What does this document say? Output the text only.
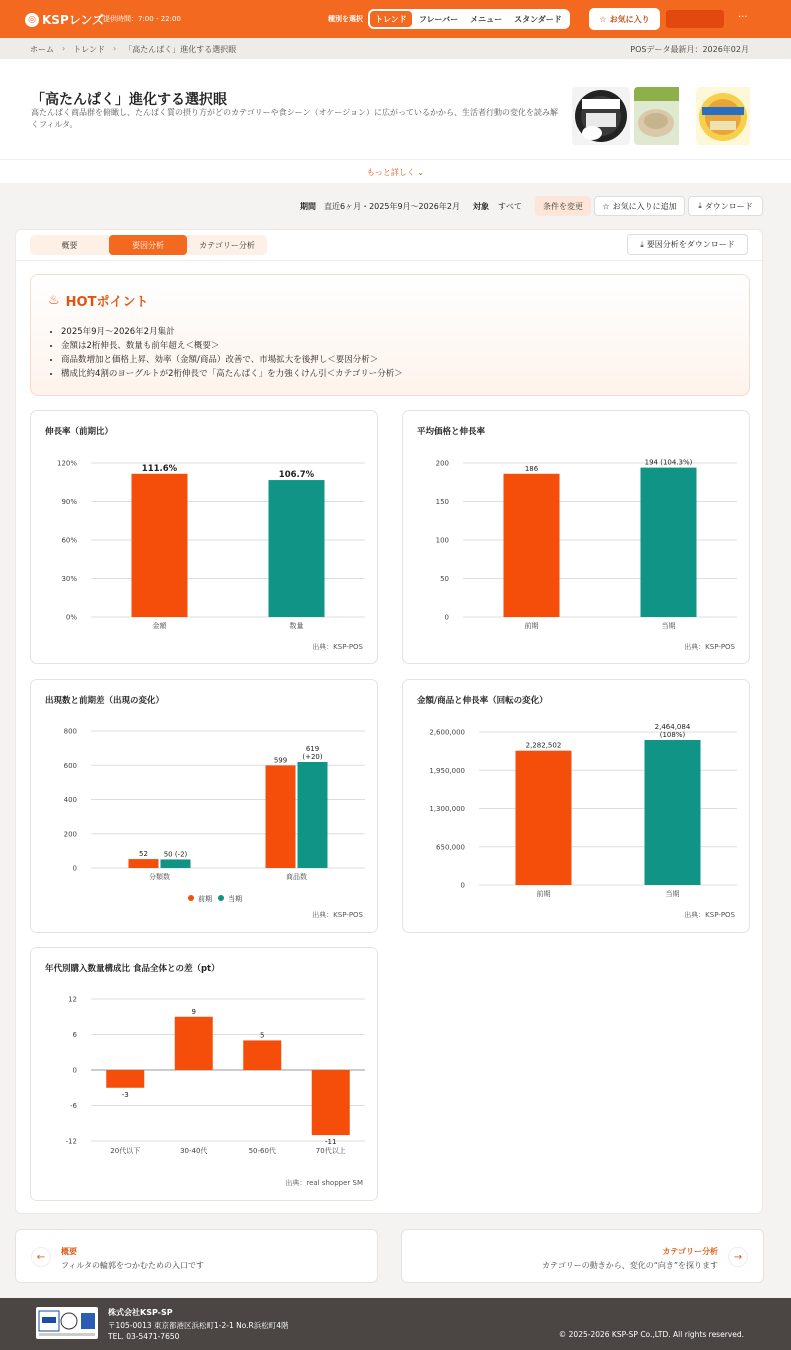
◎ KSPレンズ
提供時間：7:00 - 22:00	種別を選択	トレンド	フレーバー	メニュー	スタンダード	☆ お気に入り	···
ホーム › トレンド › 「高たんぱく」進化する選択眼	POSデータ最新月：2026年02月
「高たんぱく」進化する選択眼

高たんぱく商品群を俯瞰し、たんぱく質の摂り方がどのカテゴリーや食シーン（オケージョン）に広がっているかから、生活者行動の変化を読み解くフィルタ。

もっと詳しく ⌄
期間 直近6ヶ月・2025年9月〜2026年2月 対象 すべて	条件を変更 ☆ お気に入りに追加	⤓ ダウンロード
概要	要因分析	カテゴリー分析	⤓ 要因分析をダウンロード
♨ HOTポイント
• 2025年9月〜2026年2月集計
• 金額は2桁伸長、数量も前年超え＜概要＞
• 商品数増加と価格上昇、効率（金額/商品）改善で、市場拡大を後押し＜要因分析＞
• 構成比約4割のヨーグルトが2桁伸長で「高たんぱく」を力強くけん引＜カテゴリー分析＞
伸長率（前期比）
0%
30%
60%
90%
120%
金額
111.6%
数量
106.7%
出典：KSP-POS
平均価格と伸長率
0
50
100
150
200
前期
186
当期
194 (104.3%)
出典：KSP-POS
出現数と前期差（出現の変化）
0
200
400
600
800
分類数
52 50 (-2)
商品数
599
619
(+20)
前期 当期
出典：KSP-POS
金額/商品と伸長率（回転の変化）
0
650,000
1,300,000
1,950,000
2,600,000
前期
2,282,502
当期
2,464,084
(108%)
出典：KSP-POS
年代別購入数量構成比 食品全体との差（pt）
-12
-6
0
6
12
20代以下
-3
30-40代
9
50-60代
5
70代以上
-11
出典：real shopper SM
←	概要
フィルタの輪郭をつかむための入口です
カテゴリー分析
カテゴリーの動きから、変化の“向き”を探ります
→
株式会社KSP-SP
〒105-0013 東京都港区浜松町1-2-1 No.R浜松町4階
TEL. 03-5471-7650	© 2025-2026 KSP-SP Co.,LTD. All rights reserved.
